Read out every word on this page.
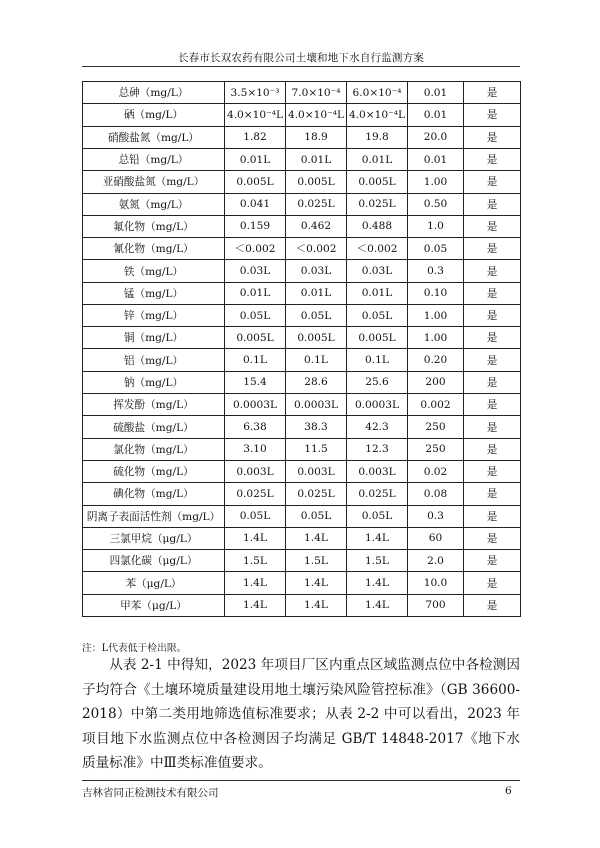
长春市长双农药有限公司土壤和地下水自行监测方案
总砷（mg/L）	3.5×10⁻³	7.0×10⁻⁴	6.0×10⁻⁴	0.01	是
硒（mg/L）	4.0×10⁻⁴L	4.0×10⁻⁴L	4.0×10⁻⁴L	0.01	是
硝酸盐氮（mg/L）	1.82	18.9	19.8	20.0	是
总铅（mg/L）	0.01L	0.01L	0.01L	0.01	是
亚硝酸盐氮（mg/L）	0.005L	0.005L	0.005L	1.00	是
氨氮（mg/L）	0.041	0.025L	0.025L	0.50	是
氟化物（mg/L）	0.159	0.462	0.488	1.0	是
氰化物（mg/L）	＜0.002	＜0.002	＜0.002	0.05	是
铁（mg/L）	0.03L	0.03L	0.03L	0.3	是
锰（mg/L）	0.01L	0.01L	0.01L	0.10	是
锌（mg/L）	0.05L	0.05L	0.05L	1.00	是
铜（mg/L）	0.005L	0.005L	0.005L	1.00	是
铝（mg/L）	0.1L	0.1L	0.1L	0.20	是
钠（mg/L）	15.4	28.6	25.6	200	是
挥发酚（mg/L）	0.0003L	0.0003L	0.0003L	0.002	是
硫酸盐（mg/L）	6.38	38.3	42.3	250	是
氯化物（mg/L）	3.10	11.5	12.3	250	是
硫化物（mg/L）	0.003L	0.003L	0.003L	0.02	是
碘化物（mg/L）	0.025L	0.025L	0.025L	0.08	是
阴离子表面活性剂（mg/L）	0.05L	0.05L	0.05L	0.3	是
三氯甲烷（μg/L）	1.4L	1.4L	1.4L	60	是
四氯化碳（μg/L）	1.5L	1.5L	1.5L	2.0	是
苯（μg/L）	1.4L	1.4L	1.4L	10.0	是
甲苯（μg/L）	1.4L	1.4L	1.4L	700	是
注：L代表低于检出限。

从表 2-1 中得知，2023 年项目厂区内重点区域监测点位中各检测因子均符合《土壤环境质量建设用地土壤污染风险管控标准》（GB 36600-2018）中第二类用地筛选值标准要求；从表 2-2 中可以看出，2023 年项目地下水监测点位中各检测因子均满足 GB/T 14848-2017《地下水质量标准》中Ⅲ类标准值要求。

吉林省同正检测技术有限公司	6
